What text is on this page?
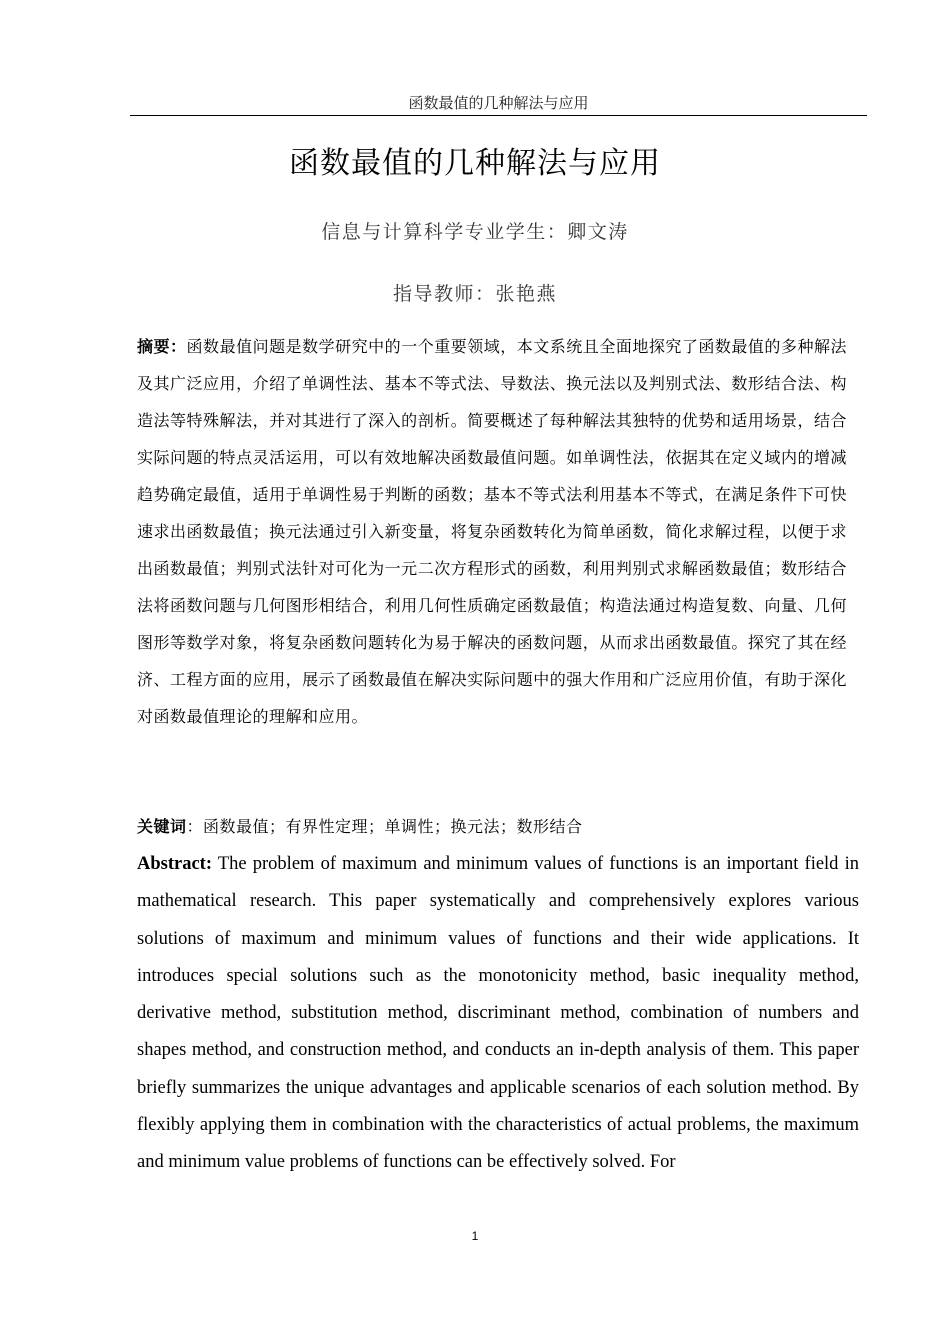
函数最值的几种解法与应用
函数最值的几种解法与应用
信息与计算科学专业学生：卿文涛
指导教师：张艳燕
摘要：函数最值问题是数学研究中的一个重要领域，本文系统且全面地探究了函数最值的多种解法及其广泛应用，介绍了单调性法、基本不等式法、导数法、换元法以及判别式法、数形结合法、构造法等特殊解法，并对其进行了深入的剖析。简要概述了每种解法其独特的优势和适用场景，结合实际问题的特点灵活运用，可以有效地解决函数最值问题。如单调性法，依据其在定义域内的增减趋势确定最值，适用于单调性易于判断的函数；基本不等式法利用基本不等式，在满足条件下可快速求出函数最值；换元法通过引入新变量，将复杂函数转化为简单函数，简化求解过程，以便于求出函数最值；判别式法针对可化为一元二次方程形式的函数，利用判别式求解函数最值；数形结合法将函数问题与几何图形相结合，利用几何性质确定函数最值；构造法通过构造复数、向量、几何图形等数学对象，将复杂函数问题转化为易于解决的函数问题，从而求出函数最值。探究了其在经济、工程方面的应用，展示了函数最值在解决实际问题中的强大作用和广泛应用价值，有助于深化对函数最值理论的理解和应用。
关键词：函数最值；有界性定理；单调性；换元法；数形结合
Abstract: The problem of maximum and minimum values of functions is an important field in mathematical research. This paper systematically and comprehensively explores various solutions of maximum and minimum values of functions and their wide applications. It introduces special solutions such as the monotonicity method, basic inequality method, derivative method, substitution method, discriminant method, combination of numbers and shapes method, and construction method, and conducts an in-depth analysis of them. This paper briefly summarizes the unique advantages and applicable scenarios of each solution method. By flexibly applying them in combination with the characteristics of actual problems, the maximum and minimum value problems of functions can be effectively solved. For
1
